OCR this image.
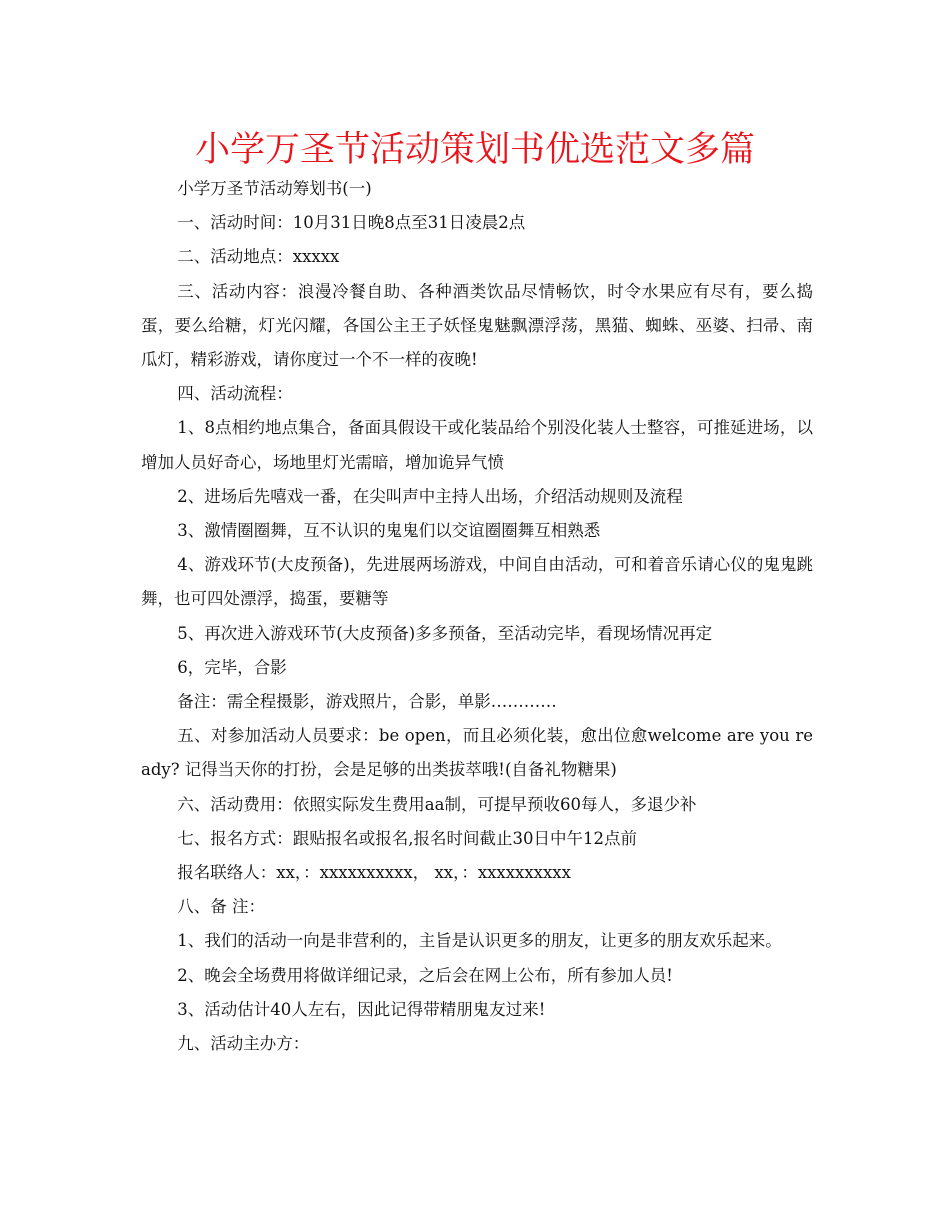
小学万圣节活动策划书优选范文多篇

小学万圣节活动筹划书(一)

一、活动时间：10月31日晚8点至31日凌晨2点

二、活动地点：xxxxx

三、活动内容：浪漫冷餐自助、各种酒类饮品尽情畅饮，时令水果应有尽有，要么捣蛋，要么给糖，灯光闪耀，各国公主王子妖怪鬼魅飘漂浮荡，黑猫、蜘蛛、巫婆、扫帚、南瓜灯，精彩游戏，请你度过一个不一样的夜晚!

四、活动流程：

1、8点相约地点集合，备面具假设干或化装品给个别没化装人士整容，可推延进场，以增加人员好奇心，场地里灯光需暗，增加诡异气愤

2、进场后先嘻戏一番，在尖叫声中主持人出场，介绍活动规则及流程

3、激情圈圈舞，互不认识的鬼鬼们以交谊圈圈舞互相熟悉

4、游戏环节(大皮预备)，先进展两场游戏，中间自由活动，可和着音乐请心仪的鬼鬼跳舞，也可四处漂浮，捣蛋，要糖等

5、再次进入游戏环节(大皮预备)多多预备，至活动完毕，看现场情况再定

6，完毕，合影

备注：需全程摄影，游戏照片，合影，单影…………

五、对参加活动人员要求：be open，而且必须化装，愈出位愈welcome are you ready? 记得当天你的打扮，会是足够的出类拔萃哦!(自备礼物糖果)

六、活动费用：依照实际发生费用aa制，可提早预收60每人，多退少补

七、报名方式：跟贴报名或报名,报名时间截止30日中午12点前

报名联络人：xx，：xxxxxxxxxx， xx，：xxxxxxxxxx

八、备 注：

1、我们的活动一向是非营利的，主旨是认识更多的朋友，让更多的朋友欢乐起来。

2、晚会全场费用将做详细记录，之后会在网上公布，所有参加人员!

3、活动估计40人左右，因此记得带精朋鬼友过来!

九、活动主办方：
